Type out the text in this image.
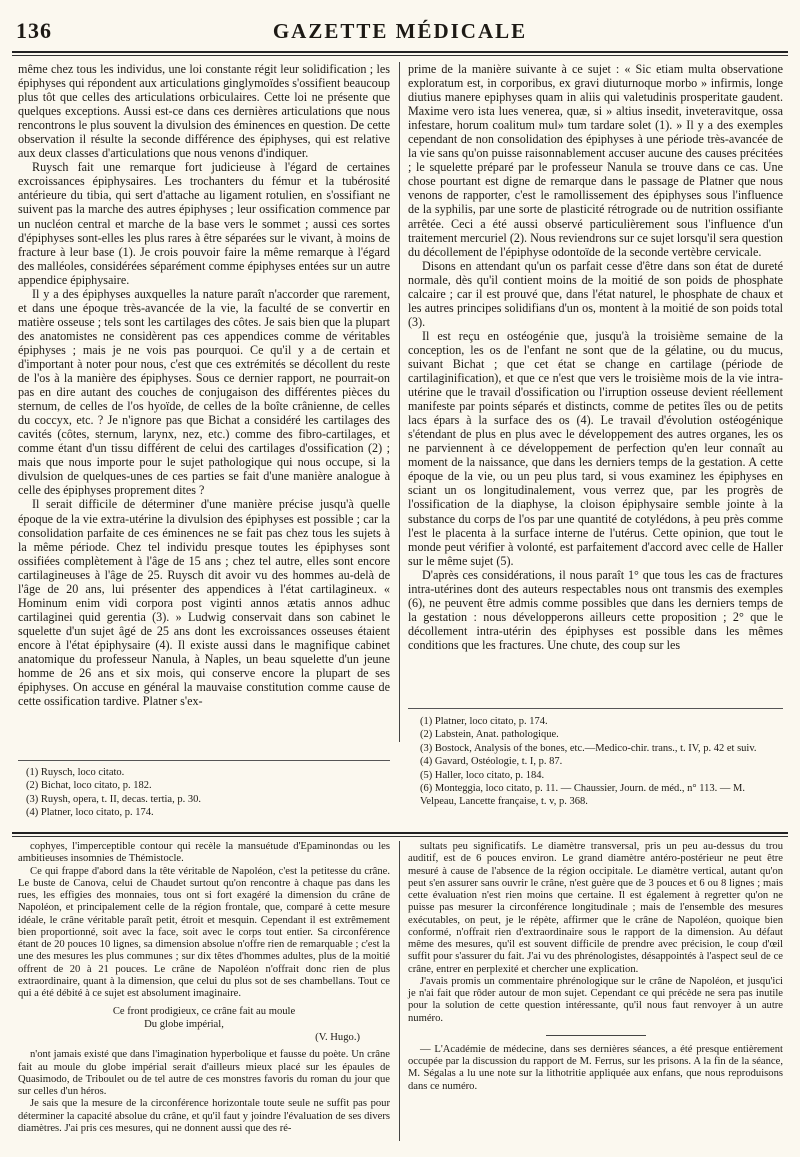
136	GAZETTE MÉDICALE

même chez tous les individus, une loi constante régit leur solidification ; les épiphyses qui répondent aux articulations ginglymoïdes s'ossifient beaucoup plus tôt que celles des articulations orbiculaires. Cette loi ne présente que quelques exceptions. Aussi est-ce dans ces dernières articulations que nous rencontrons le plus souvent la divulsion des éminences en question. De cette observation il résulte la seconde différence des épiphyses, qui est relative aux deux classes d'articulations que nous venons d'indiquer.

Ruysch fait une remarque fort judicieuse à l'égard de certaines excroissances épiphysaires. Les trochanters du fémur et la tubérosité antérieure du tibia, qui sert d'attache au ligament rotulien, en s'ossifiant ne suivent pas la marche des autres épiphyses ; leur ossification commence par un nucléon central et marche de la base vers le sommet ; aussi ces sortes d'épiphyses sont-elles les plus rares à être séparées sur le vivant, à moins de fracture à leur base (1). Je crois pouvoir faire la même remarque à l'égard des malléoles, considérées séparément comme épiphyses entées sur un autre appendice épiphysaire.

Il y a des épiphyses auxquelles la nature paraît n'accorder que rarement, et dans une époque très-avancée de la vie, la faculté de se convertir en matière osseuse ; tels sont les cartilages des côtes. Je sais bien que la plupart des anatomistes ne considèrent pas ces appendices comme de véritables épiphyses ; mais je ne vois pas pourquoi. Ce qu'il y a de certain et d'important à noter pour nous, c'est que ces extrémités se décollent du reste de l'os à la manière des épiphyses. Sous ce dernier rapport, ne pourrait-on pas en dire autant des couches de conjugaison des différentes pièces du sternum, de celles de l'os hyoïde, de celles de la boîte crânienne, de celles du coccyx, etc. ? Je n'ignore pas que Bichat a considéré les cartilages des cavités (côtes, sternum, larynx, nez, etc.) comme des fibro-cartilages, et comme étant d'un tissu différent de celui des cartilages d'ossification (2) ; mais que nous importe pour le sujet pathologique qui nous occupe, si la divulsion de quelques-unes de ces parties se fait d'une manière analogue à celle des épiphyses proprement dites ?

Il serait difficile de déterminer d'une manière précise jusqu'à quelle époque de la vie extra-utérine la divulsion des épiphyses est possible ; car la consolidation parfaite de ces éminences ne se fait pas chez tous les sujets à la même période. Chez tel individu presque toutes les épiphyses sont ossifiées complètement à l'âge de 15 ans ; chez tel autre, elles sont encore cartilagineuses à l'âge de 25. Ruysch dit avoir vu des hommes au-delà de l'âge de 20 ans, lui présenter des appendices à l'état cartilagineux. « Hominum enim vidi corpora post viginti annos ætatis annos adhuc cartilaginei quid gerentia (3). » Ludwig conservait dans son cabinet le squelette d'un sujet âgé de 25 ans dont les excroissances osseuses étaient encore à l'état épiphysaire (4). Il existe aussi dans le magnifique cabinet anatomique du professeur Nanula, à Naples, un beau squelette d'un jeune homme de 26 ans et six mois, qui conserve encore la plupart de ses épiphyses. On accuse en général la mauvaise constitution comme cause de cette ossification tardive. Platner s'ex-

prime de la manière suivante à ce sujet : « Sic etiam multa observatione exploratum est, in corporibus, ex gravi diuturnoque morbo » infirmis, longe diutius manere epiphyses quam in aliis qui valetudinis prosperitate gaudent. Maxime vero ista lues venerea, quæ, si » altius insedit, inveteravitque, ossa infestare, horum coalitum mul» tum tardare solet (1). » Il y a des exemples cependant de non consolidation des épiphyses à une période très-avancée de la vie sans qu'on puisse raisonnablement accuser aucune des causes précitées ; le squelette préparé par le professeur Nanula se trouve dans ce cas. Une chose pourtant est digne de remarque dans le passage de Platner que nous venons de rapporter, c'est le ramollissement des épiphyses sous l'influence de la syphilis, par une sorte de plasticité rétrograde ou de nutrition ossifiante arrêtée. Ceci a été aussi observé particulièrement sous l'influence d'un traitement mercuriel (2). Nous reviendrons sur ce sujet lorsqu'il sera question du décollement de l'épiphyse odontoïde de la seconde vertèbre cervicale.

Disons en attendant qu'un os parfait cesse d'être dans son état de dureté normale, dès qu'il contient moins de la moitié de son poids de phosphate calcaire ; car il est prouvé que, dans l'état naturel, le phosphate de chaux et les autres principes solidifians d'un os, montent à la moitié de son poids total (3).

Il est reçu en ostéogénie que, jusqu'à la troisième semaine de la conception, les os de l'enfant ne sont que de la gélatine, ou du mucus, suivant Bichat ; que cet état se change en cartilage (période de cartilaginification), et que ce n'est que vers le troisième mois de la vie intra-utérine que le travail d'ossification ou l'irruption osseuse devient réellement manifeste par points séparés et distincts, comme de petites îles ou de petits lacs épars à la surface des os (4). Le travail d'évolution ostéogénique s'étendant de plus en plus avec le développement des autres organes, les os ne parviennent à ce développement de perfection qu'en leur connaît au moment de la naissance, que dans les derniers temps de la gestation. A cette époque de la vie, ou un peu plus tard, si vous examinez les épiphyses en sciant un os longitudinalement, vous verrez que, par les progrès de l'ossification de la diaphyse, la cloison épiphysaire semble jointe à la substance du corps de l'os par une quantité de cotylédons, à peu près comme l'est le placenta à la surface interne de l'utérus. Cette opinion, que tout le monde peut vérifier à volonté, est parfaitement d'accord avec celle de Haller sur le même sujet (5).

D'après ces considérations, il nous paraît 1° que tous les cas de fractures intra-utérines dont des auteurs respectables nous ont transmis des exemples (6), ne peuvent être admis comme possibles que dans les derniers temps de la gestation : nous développerons ailleurs cette proposition ; 2° que le décollement intra-utérin des épiphyses est possible dans les mêmes conditions que les fractures. Une chute, des coup sur les

(1) Ruysch, loco citato.
(2) Bichat, loco citato, p. 182.
(3) Ruysh, opera, t. II, decas. tertia, p. 30.
(4) Platner, loco citato, p. 174.
(1) Platner, loco citato, p. 174.
(2) Labstein, Anat. pathologique.
(3) Bostock, Analysis of the bones, etc.—Medico-chir. trans., t. IV, p. 42 et suiv.
(4) Gavard, Ostéologie, t. I, p. 87.
(5) Haller, loco citato, p. 184.
(6) Monteggia, loco citato, p. 11. — Chaussier, Journ. de méd., n° 113. — M. Velpeau, Lancette française, t. v, p. 368.

cophyes, l'imperceptible contour qui recèle la mansuétude d'Epaminondas ou les ambitieuses insomnies de Thémistocle.

Ce qui frappe d'abord dans la tête véritable de Napoléon, c'est la petitesse du crâne. Le buste de Canova, celui de Chaudet surtout qu'on rencontre à chaque pas dans les rues, les effigies des monnaies, tous ont si fort exagéré la dimension du crâne de Napoléon, et principalement celle de la région frontale, que, comparé à cette mesure idéale, le crâne véritable paraît petit, étroit et mesquin. Cependant il est extrêmement bien proportionné, soit avec la face, soit avec le corps tout entier. Sa circonférence étant de 20 pouces 10 lignes, sa dimension absolue n'offre rien de remarquable ; c'est la une des mesures les plus communes ; sur dix têtes d'hommes adultes, plus de la moitié offrent de 20 à 21 pouces. Le crâne de Napoléon n'offrait donc rien de plus extraordinaire, quant à la dimension, que celui du plus sot de ses chambellans. Tout ce qui a été débité à ce sujet est absolument imaginaire.

Ce front prodigieux, ce crâne fait au moule
Du globe impérial,
(V. Hugo.)

n'ont jamais existé que dans l'imagination hyperbolique et fausse du poète. Un crâne fait au moule du globe impérial serait d'ailleurs mieux placé sur les épaules de Quasimodo, de Triboulet ou de tel autre de ces monstres favoris du roman du jour que sur celles d'un héros.

Je sais que la mesure de la circonférence horizontale toute seule ne suffit pas pour déterminer la capacité absolue du crâne, et qu'il faut y joindre l'évaluation de ses divers diamètres. J'ai pris ces mesures, qui ne donnent aussi que des ré-

sultats peu significatifs. Le diamètre transversal, pris un peu au-dessus du trou auditif, est de 6 pouces environ. Le grand diamètre antéro-postérieur ne peut être mesuré à cause de l'absence de la région occipitale. Le diamètre vertical, autant qu'on peut s'en assurer sans ouvrir le crâne, n'est guère que de 3 pouces et 6 ou 8 lignes ; mais cette évaluation n'est rien moins que certaine. Il est également à regretter qu'on ne puisse pas mesurer la circonférence longitudinale ; mais de l'ensemble des mesures exécutables, on peut, je le répète, affirmer que le crâne de Napoléon, quoique bien conformé, n'offrait rien d'extraordinaire sous le rapport de la dimension. Au défaut même des mesures, qu'il est souvent difficile de prendre avec précision, le coup d'œil suffit pour s'assurer du fait. J'ai vu des phrénologistes, désappointés à l'aspect seul de ce crâne, entrer en perplexité et chercher une explication.

J'avais promis un commentaire phrénologique sur le crâne de Napoléon, et jusqu'ici je n'ai fait que rôder autour de mon sujet. Cependant ce qui précède ne sera pas inutile pour la solution de cette question intéressante, qu'il nous faut renvoyer à un autre numéro.

— L'Académie de médecine, dans ses dernières séances, a été presque entièrement occupée par la discussion du rapport de M. Ferrus, sur les prisons. A la fin de la séance, M. Ségalas a lu une note sur la lithotritie appliquée aux enfans, que nous reproduisons dans ce numéro.
